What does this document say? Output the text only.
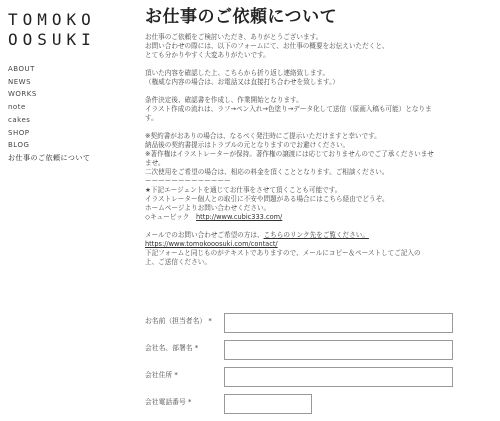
TOMOKO
OOSUKI
ABOUT
NEWS
WORKS
note
cakes
SHOP
BLOG
お仕事のご依頼について
お仕事のご依頼について

お仕事のご依頼をご検討いただき、ありがとうございます。

お問い合わせの際には、以下のフォームにて、お仕事の概要をお伝えいただくと、

とても分かりやすく大変ありがたいです。

頂いた内容を確認した上、こちらから折り返し連絡致します。

（権威な内容の場合は、お電話又は直接打ち合わせを致します。）

条件決定後、確認書を作成し、作業開始となります。

イラスト作成の流れは、ラフ→ペン入れ→色塗り→データ化して送信（原画入稿も可能）となりま

す。

※契約書がおありの場合は、なるべく発注時にご提示いただけますと幸いです。

納品後の契約書提示はトラブルの元となりますのでお避けください。

※著作権はイラストレーターが保持。著作権の譲渡には応じておりませんのでご了承くださいませ

ませ。

二次使用をご希望の場合は、相応の料金を頂くこととなります。ご相談ください。

ーーーーーーーーーーーーー

★下記エージェントを通じてお仕事をさせて頂くことも可能です。

イラストレーター個人との取引に不安や問題がある場合にはこちら経由でどうぞ。

ホームページよりお問い合わせください。

◇キュービック　 http://www.cubic333.com/

メールでのお問い合わせご希望の方は、こちらのリンク先をご覧ください。

https://www.tomokooosuki.com/contact/

下記フォームと同じものがテキストでありますので、メールにコピー＆ペーストしてご記入の

上、ご送信ください。

お名前（担当者名） *
会社名、部署名 *
会社住所 *
会社電話番号 *
